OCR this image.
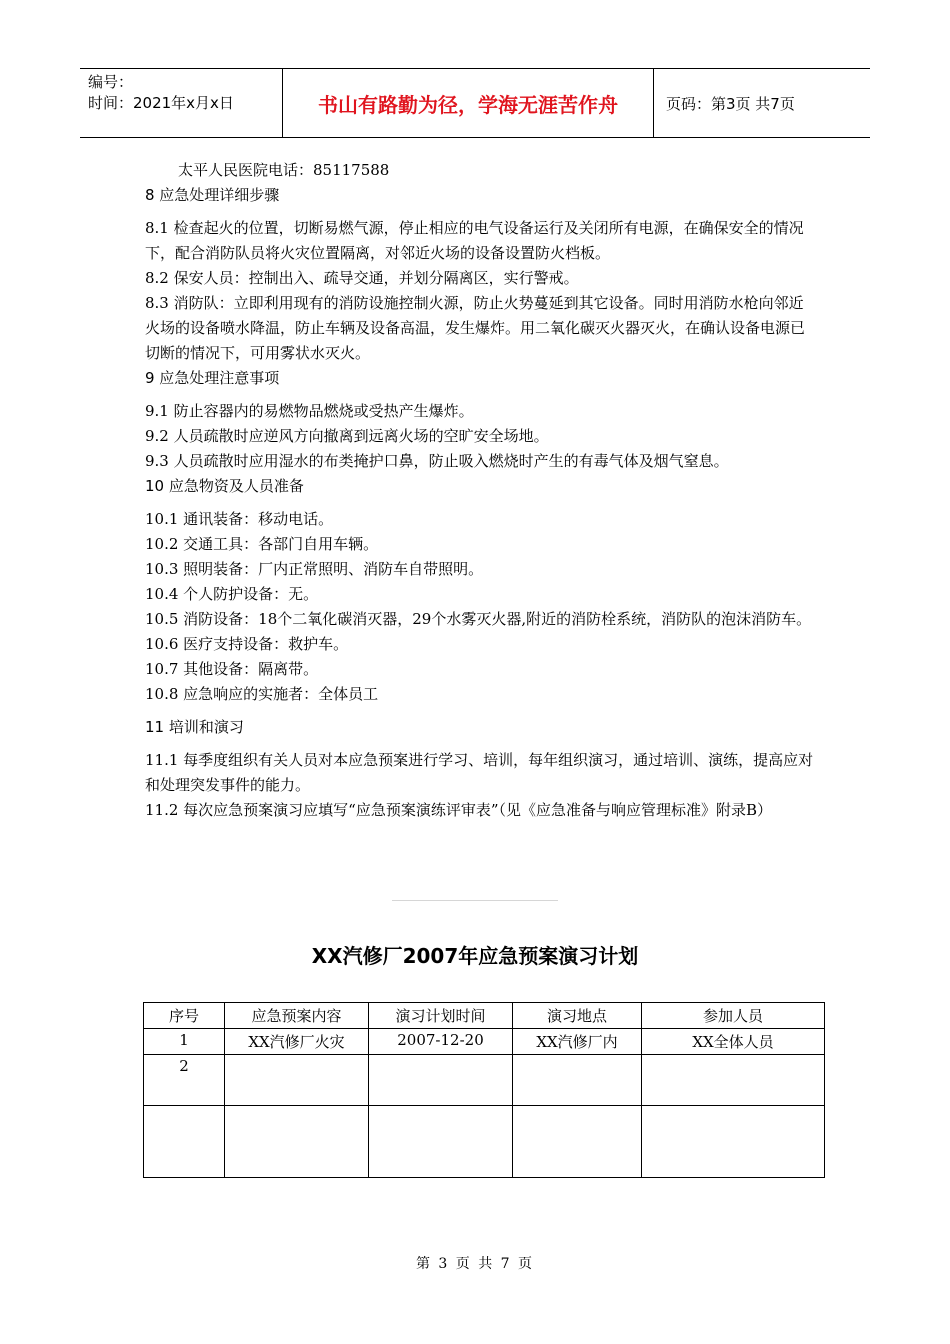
编号：
时间：2021年x月x日	书山有路勤为径，学海无涯苦作舟	页码：第3页 共7页

太平人民医院电话：85117588

8 应急处理详细步骤

8.1 检查起火的位置，切断易燃气源，停止相应的电气设备运行及关闭所有电源，在确保安全的情况下，配合消防队员将火灾位置隔离，对邻近火场的设备设置防火档板。

8.2 保安人员：控制出入、疏导交通，并划分隔离区，实行警戒。

8.3 消防队：立即利用现有的消防设施控制火源，防止火势蔓延到其它设备。同时用消防水枪向邻近火场的设备喷水降温，防止车辆及设备高温，发生爆炸。用二氧化碳灭火器灭火，在确认设备电源已切断的情况下，可用雾状水灭火。

9 应急处理注意事项

9.1 防止容器内的易燃物品燃烧或受热产生爆炸。

9.2 人员疏散时应逆风方向撤离到远离火场的空旷安全场地。

9.3 人员疏散时应用湿水的布类掩护口鼻，防止吸入燃烧时产生的有毒气体及烟气窒息。

10 应急物资及人员准备

10.1 通讯装备：移动电话。

10.2 交通工具：各部门自用车辆。

10.3 照明装备：厂内正常照明、消防车自带照明。

10.4 个人防护设备：无。

10.5 消防设备：18个二氧化碳消灭器，29个水雾灭火器,附近的消防栓系统，消防队的泡沫消防车。

10.6 医疗支持设备：救护车。

10.7 其他设备：隔离带。

10.8 应急响应的实施者：全体员工

11 培训和演习

11.1 每季度组织有关人员对本应急预案进行学习、培训，每年组织演习，通过培训、演练，提高应对和处理突发事件的能力。

11.2 每次应急预案演习应填写“应急预案演练评审表”（见《应急准备与响应管理标准》附录B）

XX汽修厂2007年应急预案演习计划
序号	应急预案内容	演习计划时间	演习地点	参加人员
1	XX汽修厂火灾	2007-12-20	XX汽修厂内	XX全体人员
2				

第 3 页 共 7 页
